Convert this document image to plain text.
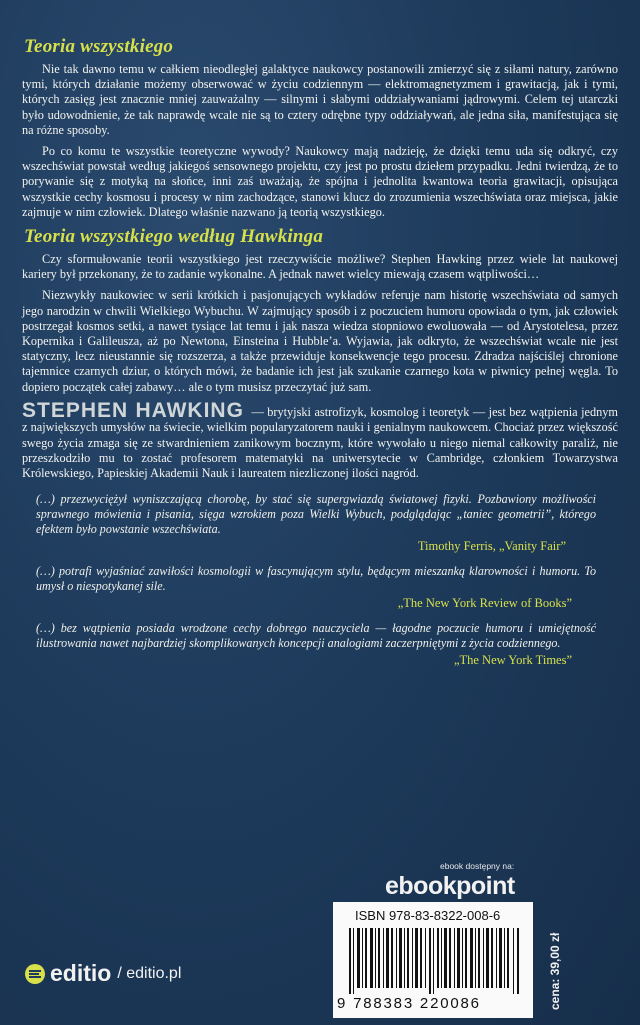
Teoria wszystkiego

Nie tak dawno temu w całkiem nieodległej galaktyce naukowcy postanowili zmierzyć się z siłami natury, zarówno tymi, których działanie możemy obserwować w życiu codziennym — elektromagnetyzmem i grawitacją, jak i tymi, których zasięg jest znacznie mniej zauważalny — silnymi i słabymi oddziaływaniami jądrowymi. Celem tej utarczki było udowodnienie, że tak naprawdę wcale nie są to cztery odrębne typy oddziaływań, ale jedna siła, manifestująca się na różne sposoby.

Po co komu te wszystkie teoretyczne wywody? Naukowcy mają nadzieję, że dzięki temu uda się odkryć, czy wszechświat powstał według jakiegoś sensownego projektu, czy jest po prostu dziełem przypadku. Jedni twierdzą, że to porywanie się z motyką na słońce, inni zaś uważają, że spójna i jednolita kwantowa teoria grawitacji, opisująca wszystkie cechy kosmosu i procesy w nim zachodzące, stanowi klucz do zrozumienia wszechświata oraz miejsca, jakie zajmuje w nim człowiek. Dlatego właśnie nazwano ją teorią wszystkiego.

Teoria wszystkiego według Hawkinga

Czy sformułowanie teorii wszystkiego jest rzeczywiście możliwe? Stephen Hawking przez wiele lat naukowej kariery był przekonany, że to zadanie wykonalne. A jednak nawet wielcy miewają czasem wątpliwości…

Niezwykły naukowiec w serii krótkich i pasjonujących wykładów referuje nam historię wszechświata od samych jego narodzin w chwili Wielkiego Wybuchu. W zajmujący sposób i z poczuciem humoru opowiada o tym, jak człowiek postrzegał kosmos setki, a nawet tysiące lat temu i jak nasza wiedza stopniowo ewoluowała — od Arystotelesa, przez Kopernika i Galileusza, aż po Newtona, Einsteina i Hubble’a. Wyjawia, jak odkryto, że wszechświat wcale nie jest statyczny, lecz nieustannie się rozszerza, a także przewiduje konsekwencje tego procesu. Zdradza najściślej chronione tajemnice czarnych dziur, o których mówi, że badanie ich jest jak szukanie czarnego kota w piwnicy pełnej węgla. To dopiero początek całej zabawy… ale o tym musisz przeczytać już sam.

STEPHEN HAWKING — brytyjski astrofizyk, kosmolog i teoretyk — jest bez wątpienia jednym z największych umysłów na świecie, wielkim popularyzatorem nauki i genialnym naukowcem. Chociaż przez większość swego życia zmaga się ze stwardnieniem zanikowym bocznym, które wywołało u niego niemal całkowity paraliż, nie przeszkodziło mu to zostać profesorem matematyki na uniwersytecie w Cambridge, członkiem Towarzystwa Królewskiego, Papieskiej Akademii Nauk i laureatem niezliczonej ilości nagród.
(…) przezwyciężył wyniszczającą chorobę, by stać się supergwiazdą światowej fizyki. Pozbawiony możliwości sprawnego mówienia i pisania, sięga wzrokiem poza Wielki Wybuch, podglądając „taniec geometrii”, którego efektem było powstanie wszechświata.
Timothy Ferris, „Vanity Fair”
(…) potrafi wyjaśniać zawiłości kosmologii w fascynującym stylu, będącym mieszanką klarowności i humoru. To umysł o niespotykanej sile.
„The New York Review of Books”
(…) bez wątpienia posiada wrodzone cechy dobrego nauczyciela — łagodne poczucie humoru i umiejętność ilustrowania nawet najbardziej skomplikowanych koncepcji analogiami zaczerpniętymi z życia codziennego.
„The New York Times”
ebook dostępny na:
ebookpoint
ISBN 978-83-8322-008-6
9 788383 220086	cena: 39,00 zł
editio / editio.pl
